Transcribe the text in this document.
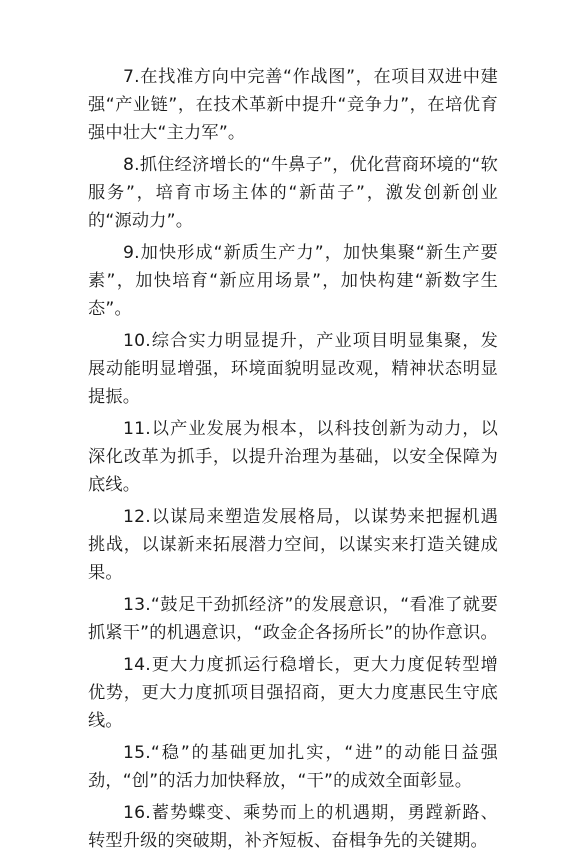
7.在找准方向中完善“作战图”，在项目双进中建强“产业链”，在技术革新中提升“竞争力”，在培优育强中壮大“主力军”。

8.抓住经济增长的“牛鼻子”，优化营商环境的“软服务”，培育市场主体的“新苗子”，激发创新创业的“源动力”。

9.加快形成“新质生产力”，加快集聚“新生产要素”，加快培育“新应用场景”，加快构建“新数字生态”。

10.综合实力明显提升，产业项目明显集聚，发展动能明显增强，环境面貌明显改观，精神状态明显提振。

11.以产业发展为根本，以科技创新为动力，以深化改革为抓手，以提升治理为基础，以安全保障为底线。

12.以谋局来塑造发展格局，以谋势来把握机遇挑战，以谋新来拓展潜力空间，以谋实来打造关键成果。

13.“鼓足干劲抓经济”的发展意识，“看准了就要抓紧干”的机遇意识，“政金企各扬所长”的协作意识。

14.更大力度抓运行稳增长，更大力度促转型增优势，更大力度抓项目强招商，更大力度惠民生守底线。

15.“稳”的基础更加扎实，“进”的动能日益强劲，“创”的活力加快释放，“干”的成效全面彰显。

16.蓄势蝶变、乘势而上的机遇期，勇蹚新路、转型升级的突破期，补齐短板、奋楫争先的关键期。
